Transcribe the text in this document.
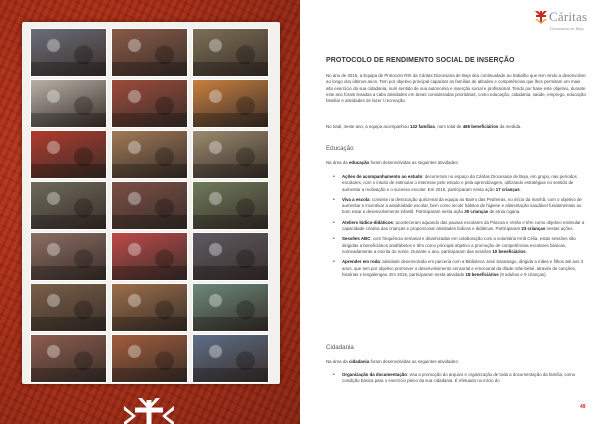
Cáritas
Diocesana de Beja
PROTOCOLO DE RENDIMENTO SOCIAL DE INSERÇÃO
No ano de 2016, a Equipa de Protocolo RSI da Cáritas Diocesana de Beja deu continuidade ao trabalho que tem vindo a desenvolver ao longo dos últimos anos. Tem por objetivo principal capacitar as famílias de atitudes e competências que lhes permitam um mais alto exercício da sua cidadania, num sentido de sua autonomia e inserção social e profissional. Tendo por base este objetivo, durante este ano foram levadas a cabo atividades em áreas consideradas prioritárias, como educação, cidadania, saúde, emprego, educação familiar e atividades de lazer / recreação.
No total, neste ano, a equipa acompanhou 132 famílias, num total de 465 beneficiários da medida.
Educação
Na área da educação foram desenvolvidas as seguintes atividades:
• Ações de acompanhamento ao estudo: decorreram no espaço da Cáritas Diocesana de Beja, em grupo, nas períodos escolares, com o intuito de estimular o interesse pelo estudo e pela aprendizagem, utilizando estratégias no sentido de aumentar a motivação e o sucesso escolar. Em 2016, participaram nesta ação 17 crianças.
• Viva a escola: consiste na deslocação quinzenal da equipa ao Bairro das Pedreiras, no início da manhã, com o objetivo de aumentar e incentivar a assiduidade escolar, bem como incutir hábitos de higiene e alimentação saudável fundamentais ao bom estar e desenvolvimento infantil. Participaram nesta ação 30 crianças de etnia cigana.
• Ateliers lúdico-didáticos: aconteceram aquando das pausas escolares da Páscoa e Verão e têm como objetivo estimular a capacidade criativa das crianças e proporcionar atividades lúdicas e didáticas. Participaram 23 crianças nestas ações.
• Sessões ABC: com frequência semanal e dinamizadas em colaboração com a voluntária Irmã Célia, estas sessões são dirigidas a beneficiários analfabetos e têm como principal objetivo a promoção de competências escolares básicas, nomeadamente a escrita do nome. Durante o ano, participaram das sessões 10 beneficiários.
• Aprender em roda: atividade desenvolvida em parceria com a Biblioteca José Saramago, dirigida a mães e filhos até aos 3 anos, que tem por objetivo promover o desenvolvimento sensorial e emocional da díade mãe-bebé, através de canções, histórias e lengalengas. Em 2016, participaram nesta atividade 18 beneficiários (9 adultos e 9 crianças).
Cidadania
Na área da cidadania foram desenvolvidas as seguintes atividades:
• Organização da documentação: visa a promoção do arquivo e organização de toda a documentação da família, como condição básica para o exercício pleno da sua cidadania. É efetuado no início do
49
